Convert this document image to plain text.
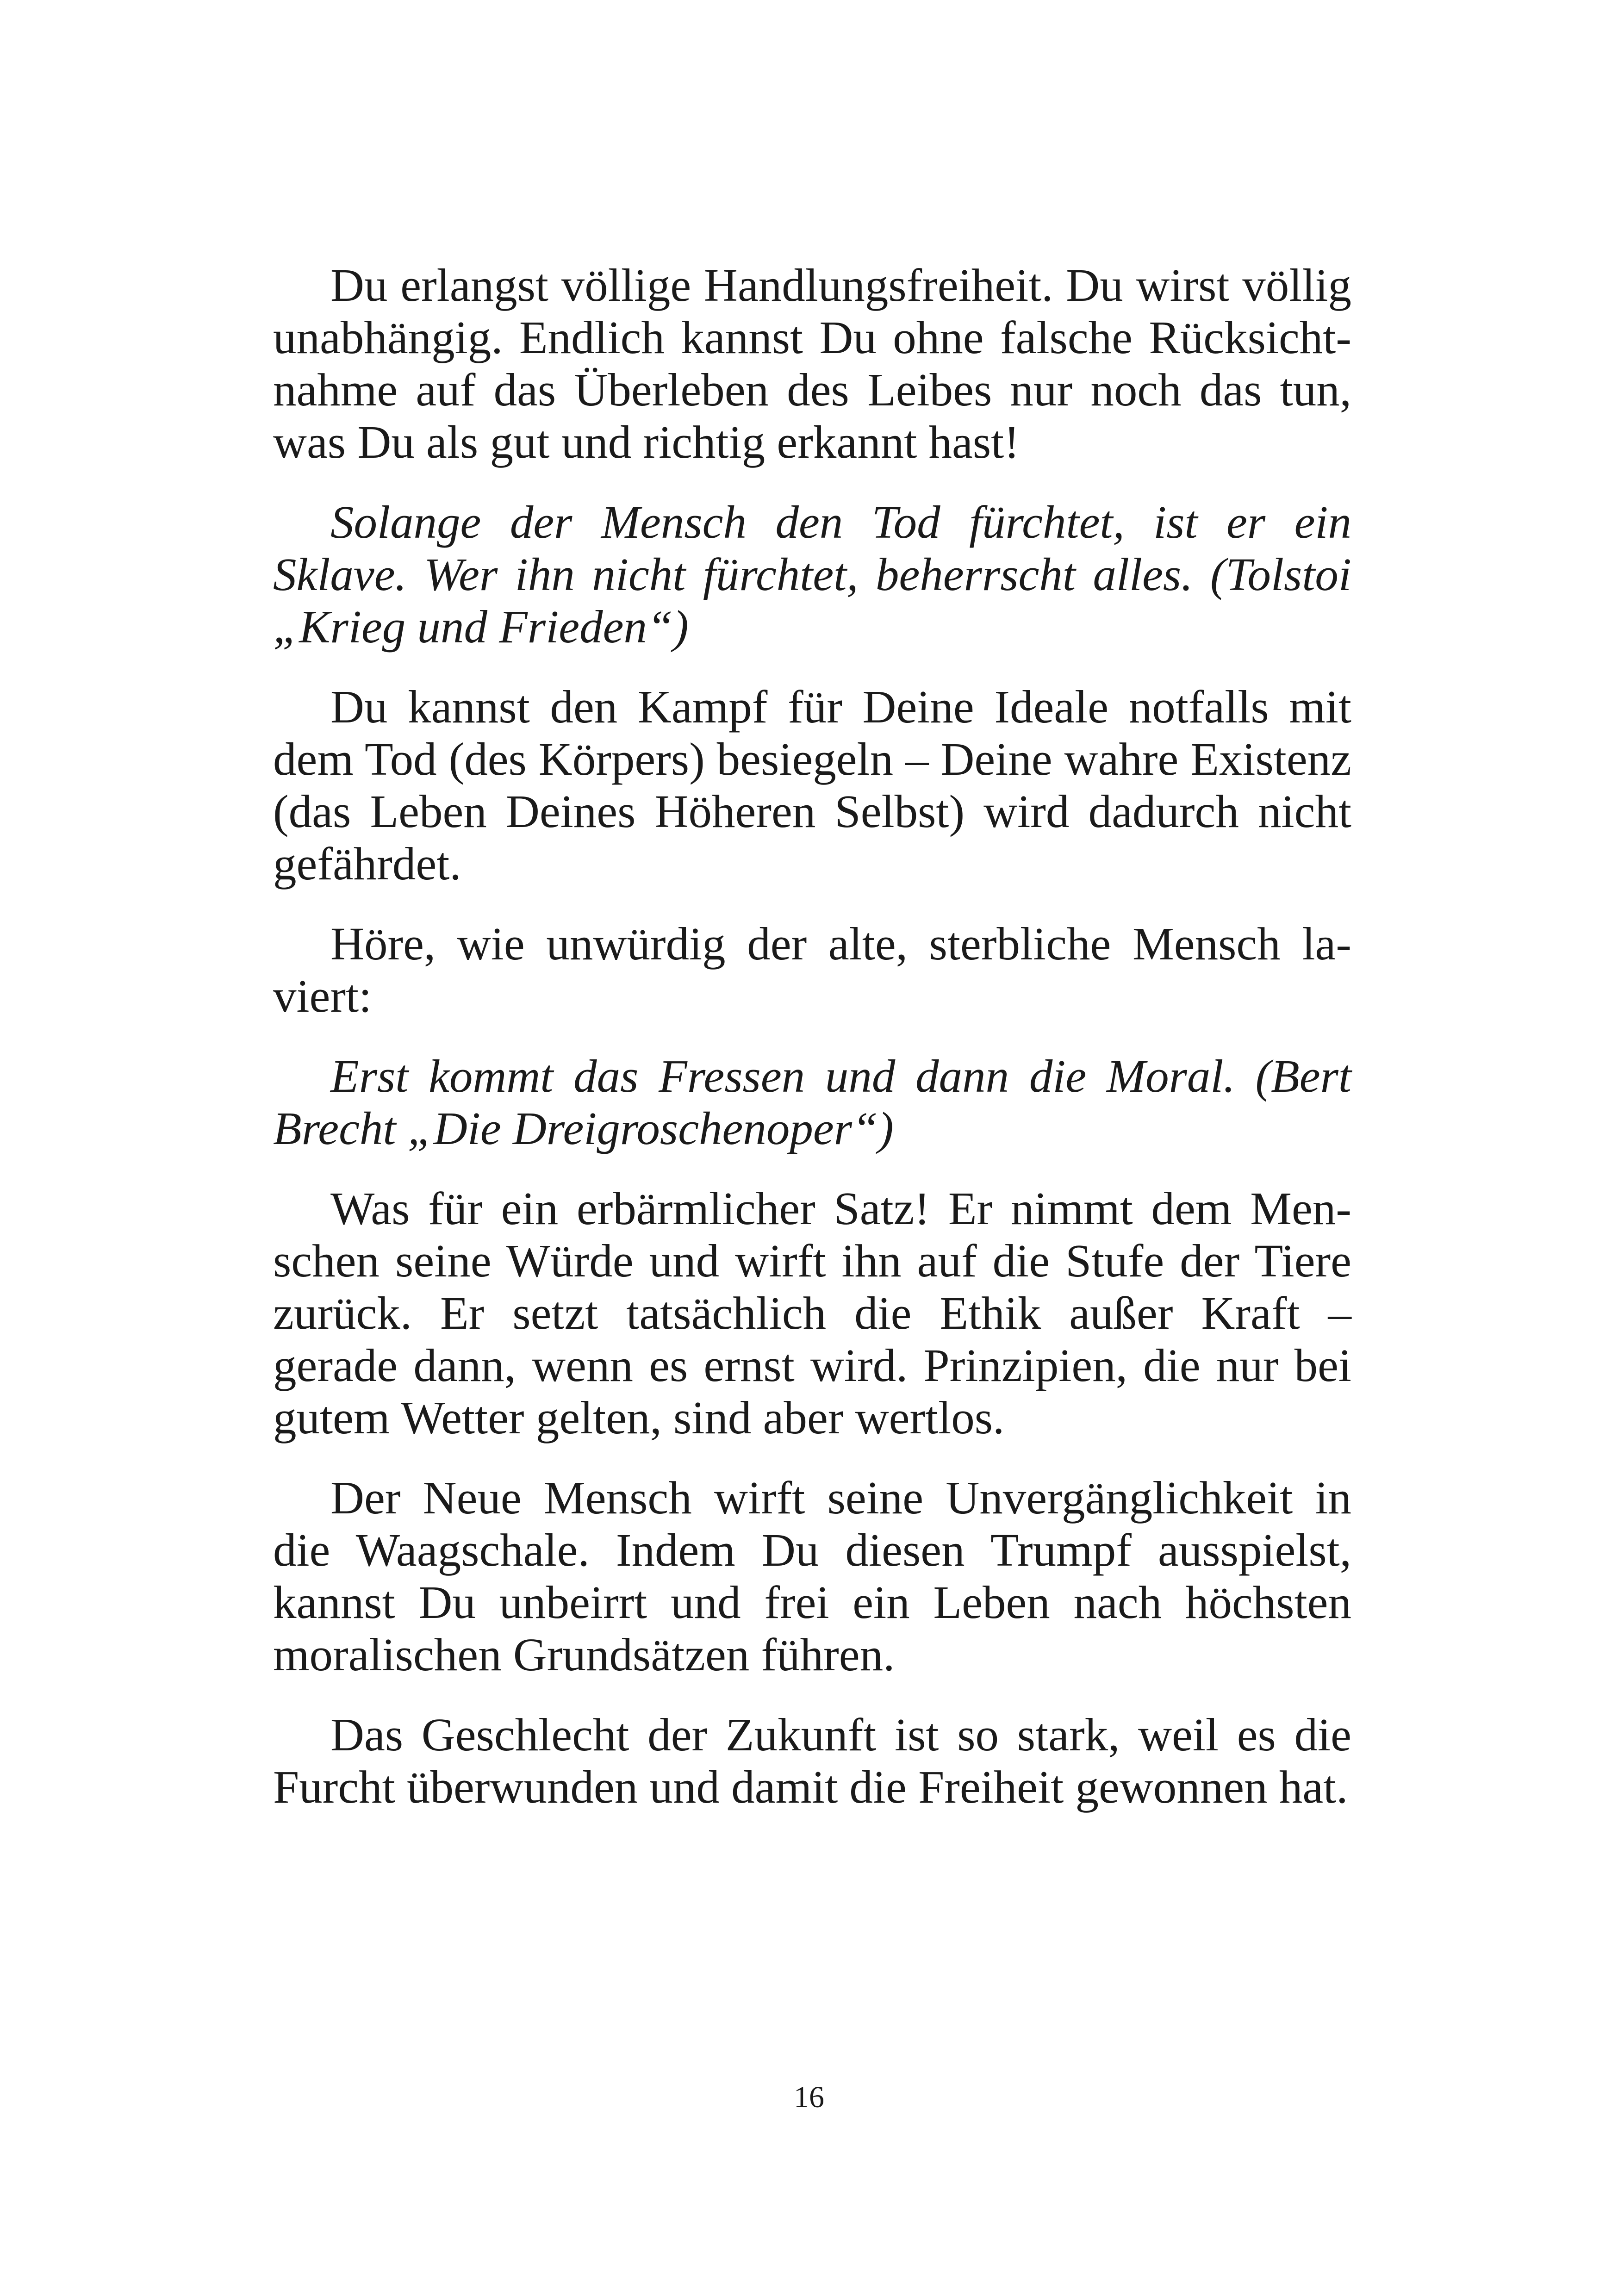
Du erlangst völlige Handlungsfreiheit. Du wirst völlig unabhängig. Endlich kannst Du ohne falsche Rücksichtnahme auf das Überleben des Leibes nur noch das tun, was Du als gut und richtig erkannt hast!

Solange der Mensch den Tod fürchtet, ist er ein Sklave. Wer ihn nicht fürchtet, beherrscht alles. (Tolstoi „Krieg und Frieden“)

Du kannst den Kampf für Deine Ideale notfalls mit dem Tod (des Körpers) besiegeln – Deine wahre Existenz (das Leben Deines Höheren Selbst) wird dadurch nicht gefährdet.

Höre, wie unwürdig der alte, sterbliche Mensch laviert:

Erst kommt das Fressen und dann die Moral. (Bert Brecht „Die Dreigroschenoper“)

Was für ein erbärmlicher Satz! Er nimmt dem Menschen seine Würde und wirft ihn auf die Stufe der Tiere zurück. Er setzt tatsächlich die Ethik außer Kraft – gerade dann, wenn es ernst wird. Prinzipien, die nur bei gutem Wetter gelten, sind aber wertlos.

Der Neue Mensch wirft seine Unvergänglichkeit in die Waagschale. Indem Du diesen Trumpf ausspielst, kannst Du unbeirrt und frei ein Leben nach höchsten moralischen Grundsätzen führen.

Das Geschlecht der Zukunft ist so stark, weil es die Furcht überwunden und damit die Freiheit gewonnen hat.

16
